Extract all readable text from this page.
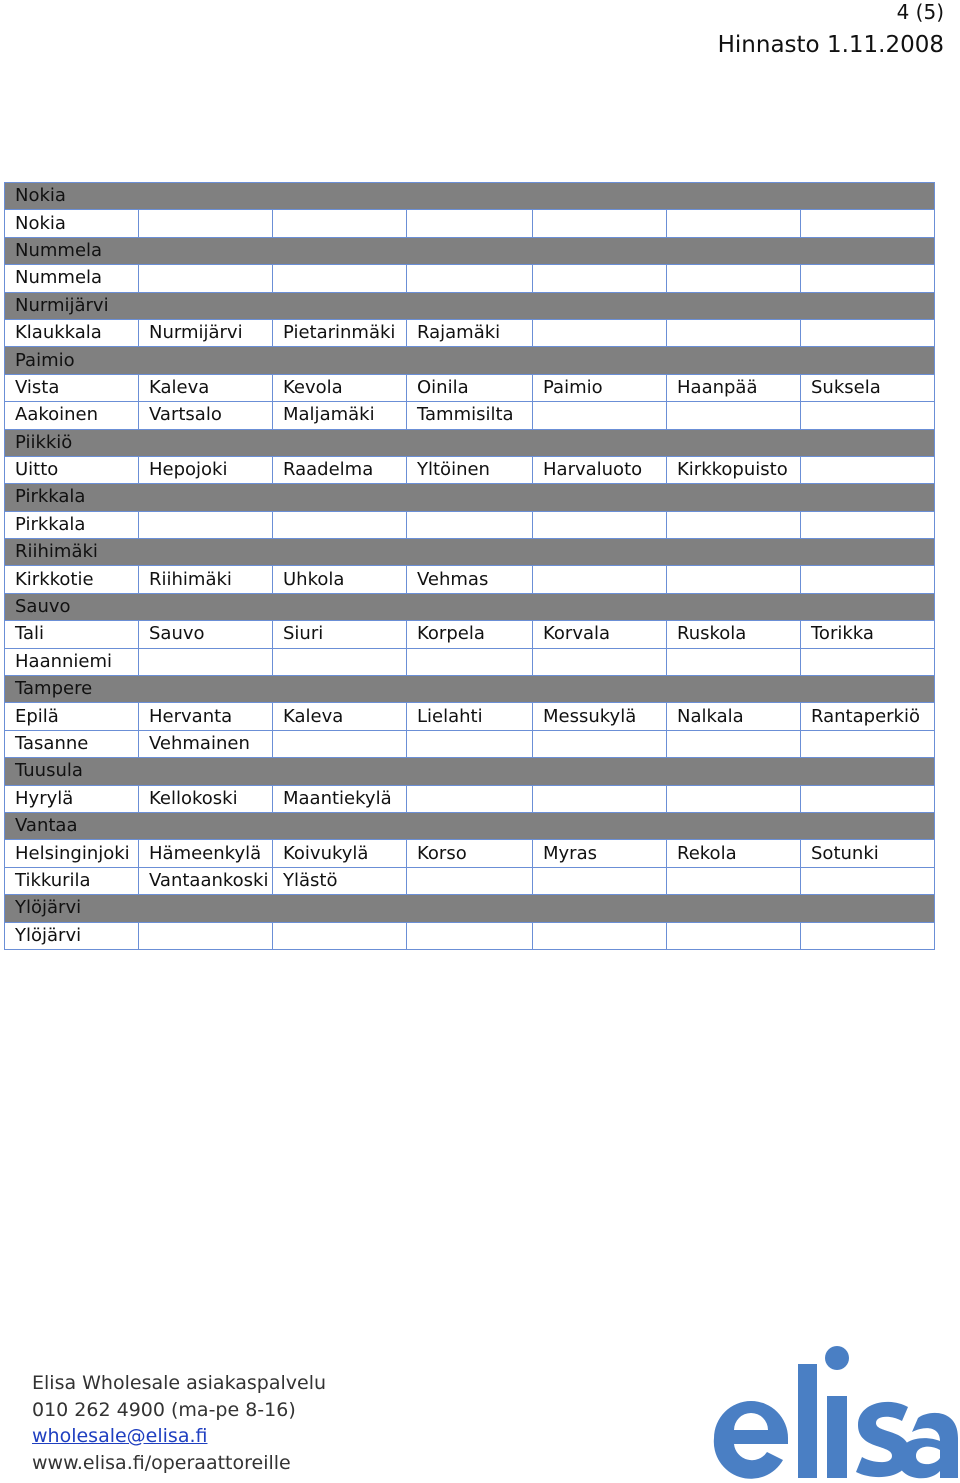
4 (5)
Hinnasto 1.11.2008
Nokia						
Nokia						
Nummela						
Nummela						
Nurmijärvi						
Klaukkala	Nurmijärvi	Pietarinmäki	Rajamäki			
Paimio						
Vista	Kaleva	Kevola	Oinila	Paimio	Haanpää	Suksela
Aakoinen	Vartsalo	Maljamäki	Tammisilta			
Piikkiö						
Uitto	Hepojoki	Raadelma	Yltöinen	Harvaluoto	Kirkkopuisto	
Pirkkala						
Pirkkala						
Riihimäki						
Kirkkotie	Riihimäki	Uhkola	Vehmas			
Sauvo						
Tali	Sauvo	Siuri	Korpela	Korvala	Ruskola	Torikka
Haanniemi						
Tampere						
Epilä	Hervanta	Kaleva	Lielahti	Messukylä	Nalkala	Rantaperkiö
Tasanne	Vehmainen					
Tuusula						
Hyrylä	Kellokoski	Maantiekylä				
Vantaa						
Helsinginjoki	Hämeenkylä	Koivukylä	Korso	Myras	Rekola	Sotunki
Tikkurila	Vantaankoski	Ylästö				
Ylöjärvi						
Ylöjärvi						
Elisa Wholesale asiakaspalvelu
010 262 4900 (ma-pe 8-16)
wholesale@elisa.fi
www.elisa.fi/operaattoreille
